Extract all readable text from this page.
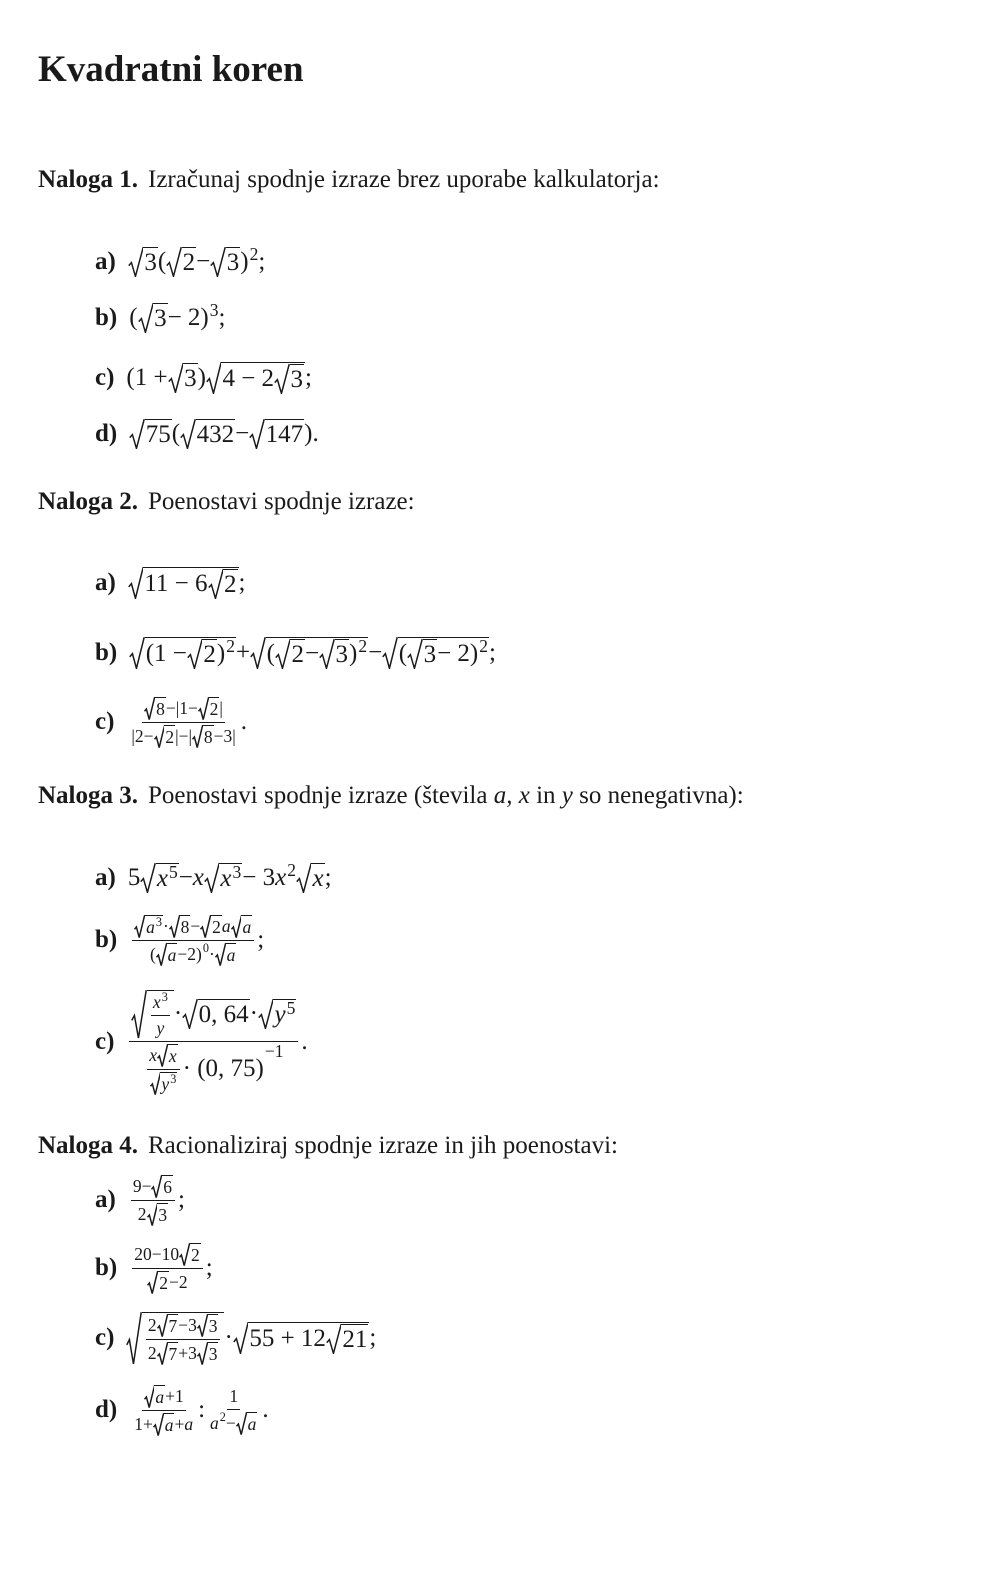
Kvadratni koren
Naloga 1. Izračunaj spodnje izraze brez uporabe kalkulatorja:
a) 3 ( 2 − 3 ) 2 ;
b) ( 3 − 2) 3 ;
c) (1 + 3 ) 4 − 2 3 ;
d) 75 ( 432 − 147 ).
Naloga 2. Poenostavi spodnje izraze:
a) 11 − 6 2 ;
b) (1 − 2 ) 2 + ( 2 − 3 ) 2 − ( 3 − 2) 2 ;
$c) \frac{8 -|1- 2 |}{|2- 2 |-| 8 -3|}$ .
Naloga 3. Poenostavi spodnje izraze (števila a, x in y so nenegativna):
a) 5 x 5 − x x 3 − 3 x 2 x ;
$b) \frac{\text{a 3 · 8 − 2 a a}}{( a -2) 0 \cdot a}$ ;
$c) \frac{x 3}{y} \cdot 0$, 64 · y 5
$\frac{\text{x x}}{y 3} \cdot (0$, 75)
−1 .
Naloga 4. Racionaliziraj spodnje izraze in jih poenostavi:
$a) \frac{9- 6}{2 3}$ ;
$b) \frac{20-10 2}{2 -2}$ ;
$c) \frac{2 7 -3 3}{2 7 +3 3} \cdot 55 + 12$ 21 ;
$d) \frac{a +1}{1+ a + a}$ : $\frac{1}{a 2 - a}$ .
